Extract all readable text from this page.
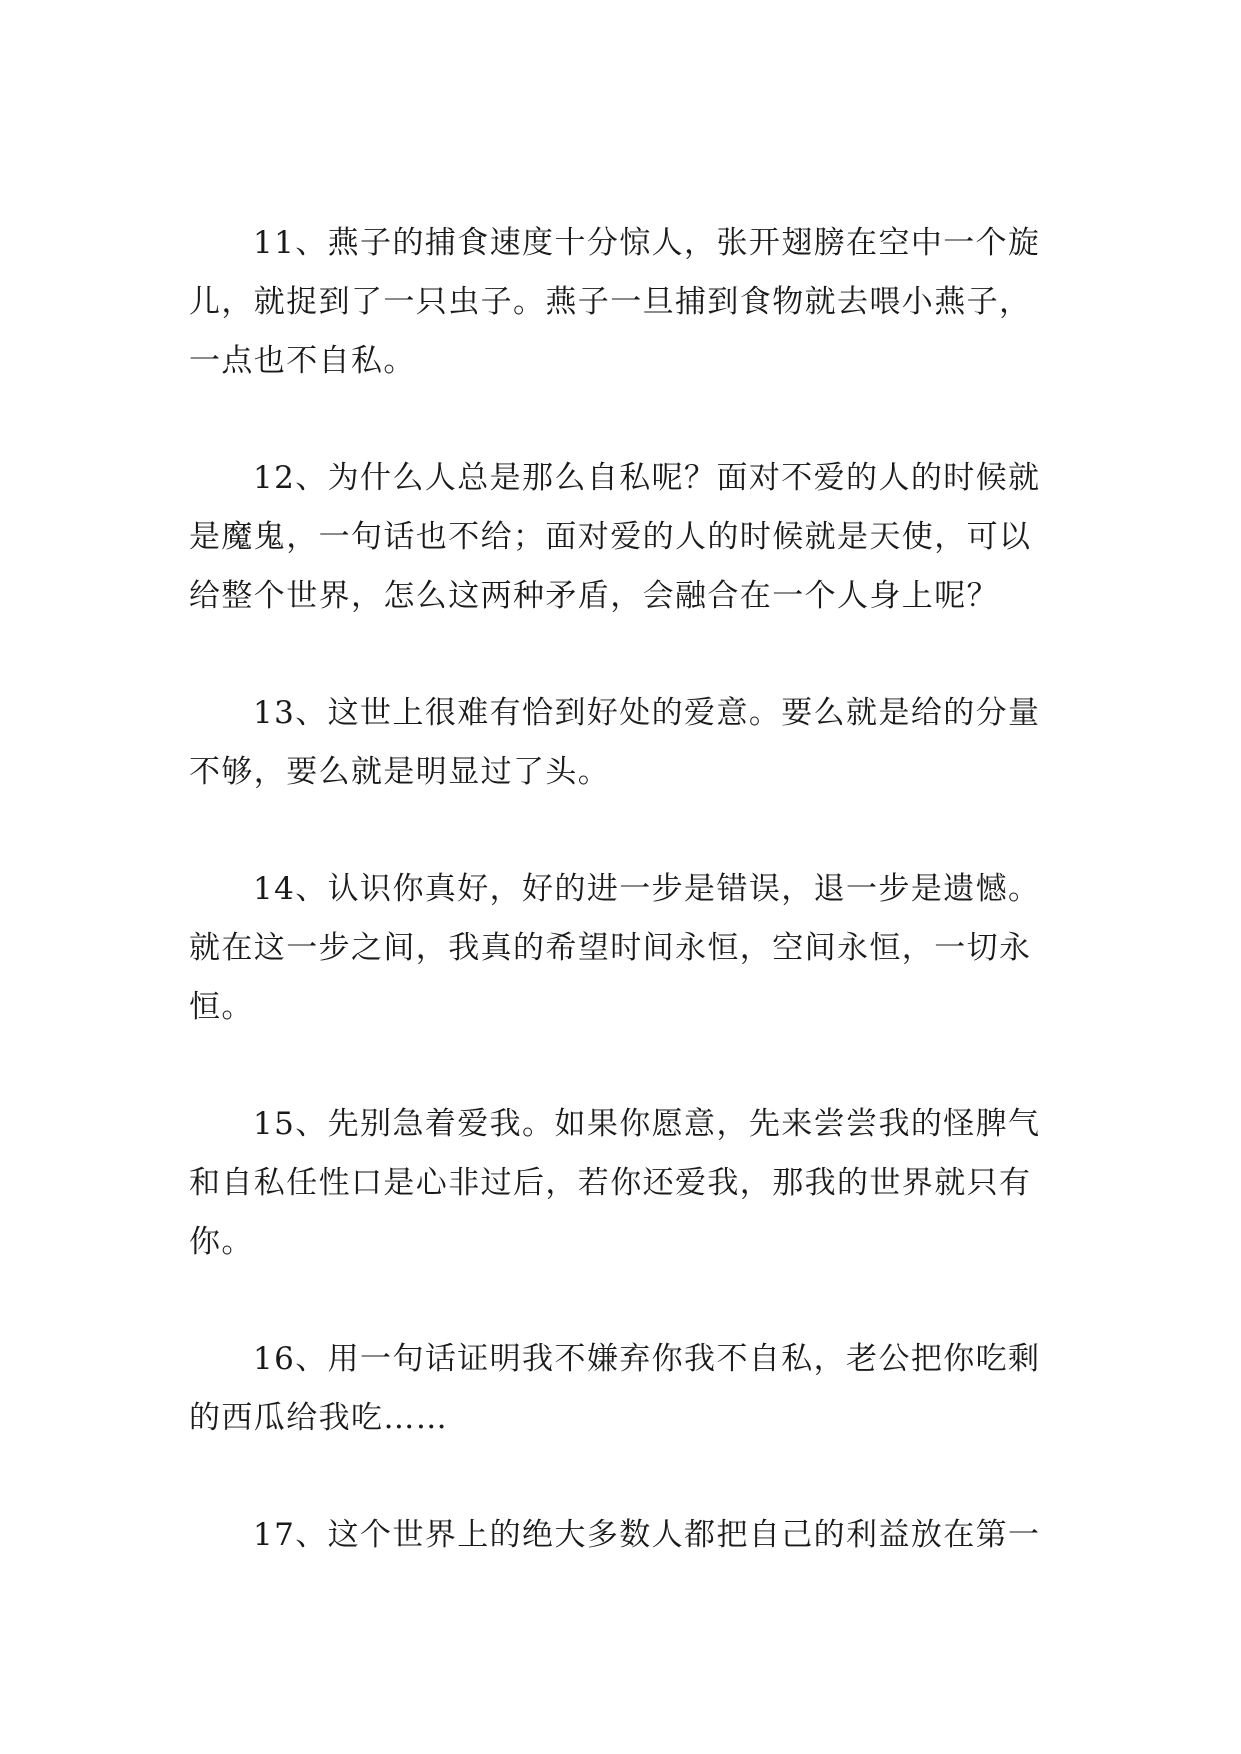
11、燕子的捕食速度十分惊人，张开翅膀在空中一个旋
儿，就捉到了一只虫子。燕子一旦捕到食物就去喂小燕子，
一点也不自私。

12、为什么人总是那么自私呢？面对不爱的人的时候就
是魔鬼，一句话也不给；面对爱的人的时候就是天使，可以
给整个世界，怎么这两种矛盾，会融合在一个人身上呢？

13、这世上很难有恰到好处的爱意。要么就是给的分量
不够，要么就是明显过了头。

14、认识你真好，好的进一步是错误，退一步是遗憾。
就在这一步之间，我真的希望时间永恒，空间永恒，一切永
恒。

15、先别急着爱我。如果你愿意，先来尝尝我的怪脾气
和自私任性口是心非过后，若你还爱我，那我的世界就只有
你。

16、用一句话证明我不嫌弃你我不自私，老公把你吃剩
的西瓜给我吃……

17、这个世界上的绝大多数人都把自己的利益放在第一
